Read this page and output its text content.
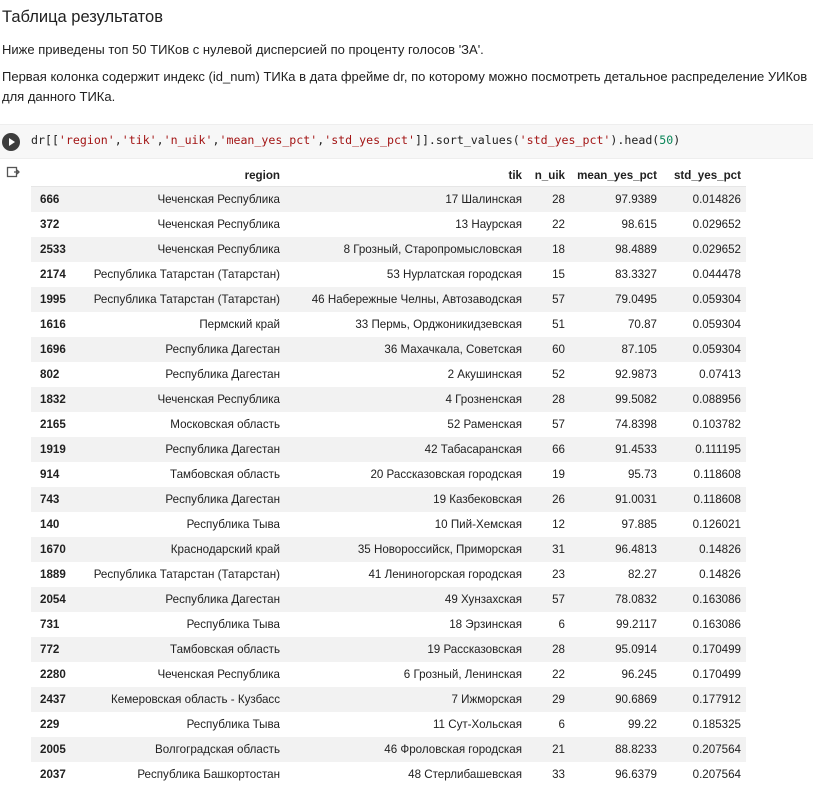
Таблица результатов
Ниже приведены топ 50 ТИКов с нулевой дисперсией по проценту голосов 'ЗА'.
Первая колонка содержит индекс (id_num) ТИКа в дата фрейме dr, по которому можно посмотреть детальное распределение УИКов для данного ТИКа.
dr[['region','tik','n_uik','mean_yes_pct','std_yes_pct']].sort_values('std_yes_pct').head(50)
	region	tik	n_uik	mean_yes_pct	std_yes_pct
666	Чеченская Республика	17 Шалинская	28	97.9389	0.014826
372	Чеченская Республика	13 Наурская	22	98.615	0.029652
2533	Чеченская Республика	8 Грозный, Старопромысловская	18	98.4889	0.029652
2174	Республика Татарстан (Татарстан)	53 Нурлатская городская	15	83.3327	0.044478
1995	Республика Татарстан (Татарстан)	46 Набережные Челны, Автозаводская	57	79.0495	0.059304
1616	Пермский край	33 Пермь, Орджоникидзевская	51	70.87	0.059304
1696	Республика Дагестан	36 Махачкала, Советская	60	87.105	0.059304
802	Республика Дагестан	2 Акушинская	52	92.9873	0.07413
1832	Чеченская Республика	4 Грозненская	28	99.5082	0.088956
2165	Московская область	52 Раменская	57	74.8398	0.103782
1919	Республика Дагестан	42 Табасаранская	66	91.4533	0.111195
914	Тамбовская область	20 Рассказовская городская	19	95.73	0.118608
743	Республика Дагестан	19 Казбековская	26	91.0031	0.118608
140	Республика Тыва	10 Пий-Хемская	12	97.885	0.126021
1670	Краснодарский край	35 Новороссийск, Приморская	31	96.4813	0.14826
1889	Республика Татарстан (Татарстан)	41 Лениногорская городская	23	82.27	0.14826
2054	Республика Дагестан	49 Хунзахская	57	78.0832	0.163086
731	Республика Тыва	18 Эрзинская	6	99.2117	0.163086
772	Тамбовская область	19 Рассказовская	28	95.0914	0.170499
2280	Чеченская Республика	6 Грозный, Ленинская	22	96.245	0.170499
2437	Кемеровская область - Кузбасс	7 Ижморская	29	90.6869	0.177912
229	Республика Тыва	11 Сут-Хольская	6	99.22	0.185325
2005	Волгоградская область	46 Фроловская городская	21	88.8233	0.207564
2037	Республика Башкортостан	48 Стерлибашевская	33	96.6379	0.207564
